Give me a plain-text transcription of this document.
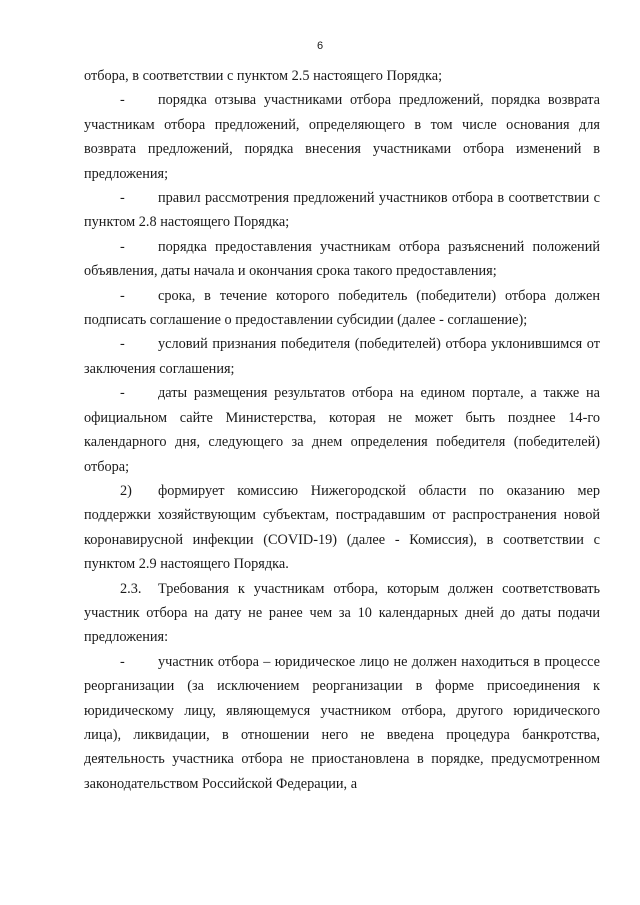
6

отбора, в соответствии с пунктом 2.5 настоящего Порядка;

- порядка отзыва участниками отбора предложений, порядка возврата участникам отбора предложений, определяющего в том числе основания для возврата предложений, порядка внесения участниками отбора изменений в предложения;

- правил рассмотрения предложений участников отбора в соответствии с пунктом 2.8 настоящего Порядка;

- порядка предоставления участникам отбора разъяснений положений объявления, даты начала и окончания срока такого предоставления;

- срока, в течение которого победитель (победители) отбора должен подписать соглашение о предоставлении субсидии (далее - соглашение);

- условий признания победителя (победителей) отбора уклонившимся от заключения соглашения;

- даты размещения результатов отбора на едином портале, а также на официальном сайте Министерства, которая не может быть позднее 14-го календарного дня, следующего за днем определения победителя (победителей) отбора;

2) формирует комиссию Нижегородской области по оказанию мер поддержки хозяйствующим субъектам, пострадавшим от распространения новой коронавирусной инфекции (COVID-19) (далее - Комиссия), в соответствии с пунктом 2.9 настоящего Порядка.

2.3. Требования к участникам отбора, которым должен соответствовать участник отбора на дату не ранее чем за 10 календарных дней до даты подачи предложения:

- участник отбора – юридическое лицо не должен находиться в процессе реорганизации (за исключением реорганизации в форме присоединения к юридическому лицу, являющемуся участником отбора, другого юридического лица), ликвидации, в отношении него не введена процедура банкротства, деятельность участника отбора не приостановлена в порядке, предусмотренном законодательством Российской Федерации, а
